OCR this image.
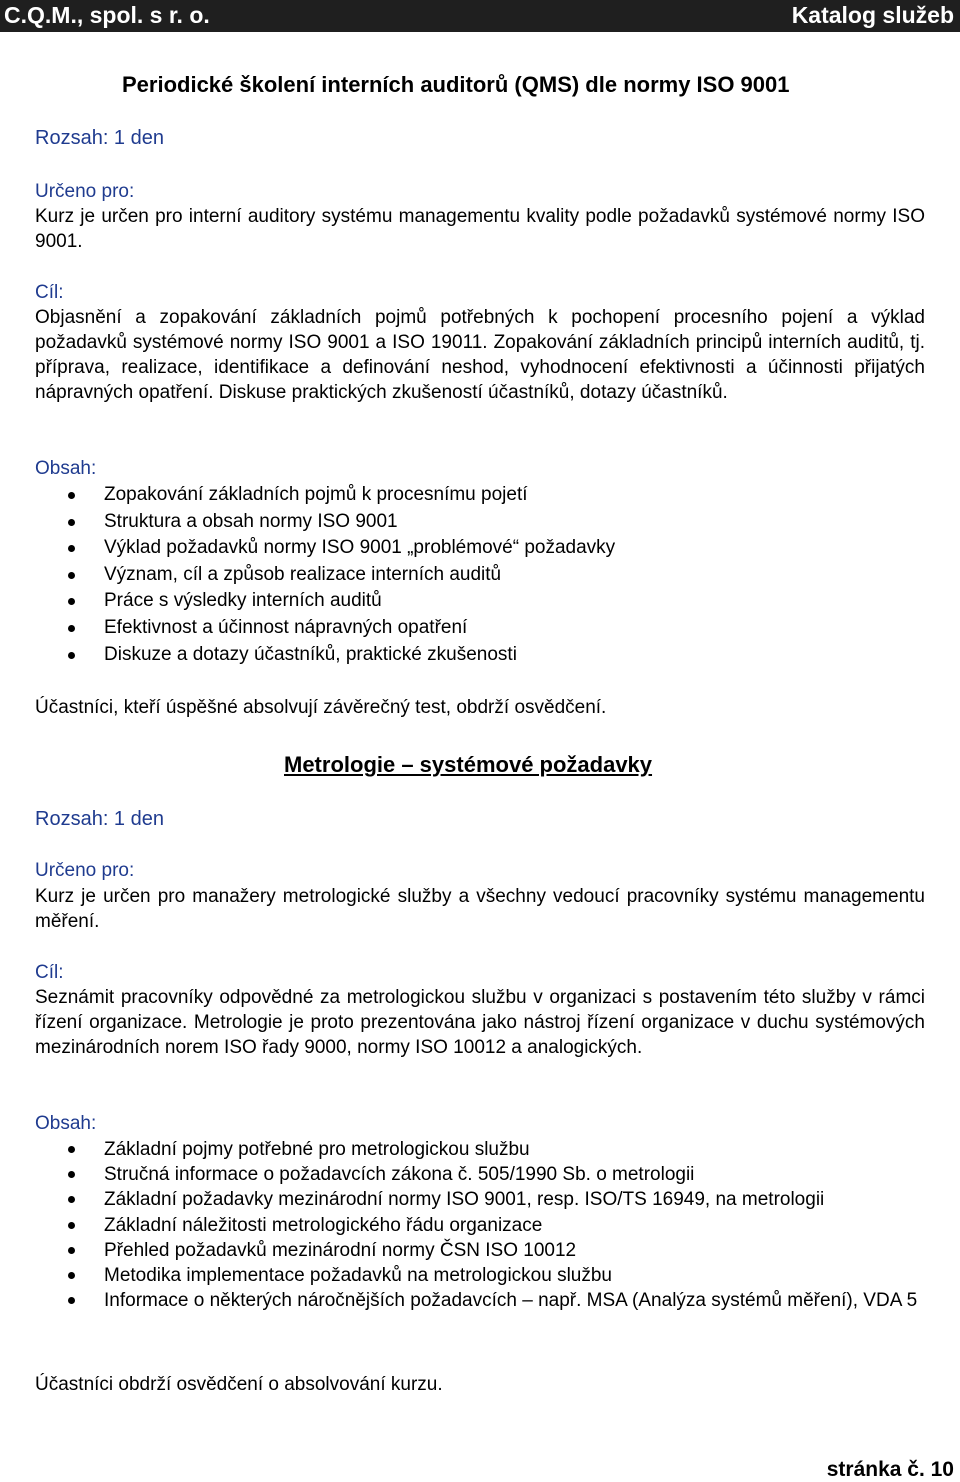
C.Q.M., spol. s r. o.	Katalog služeb
Periodické školení interních auditorů (QMS) dle normy ISO 9001
Rozsah: 1 den
Určeno pro:
Kurz je určen pro interní auditory systému managementu kvality podle požadavků systémové normy ISO 9001.
Cíl:
Objasnění a zopakování základních pojmů potřebných k pochopení procesního pojení a výklad požadavků systémové normy ISO 9001 a ISO 19011. Zopakování základních principů interních auditů, tj. příprava, realizace, identifikace a definování neshod, vyhodnocení efektivnosti a účinnosti přijatých nápravných opatření. Diskuse praktických zkušeností účastníků, dotazy účastníků.
Obsah:
Zopakování základních pojmů k procesnímu pojetí
Struktura a obsah normy ISO 9001
Výklad požadavků normy ISO 9001 „problémové“ požadavky
Význam, cíl a způsob realizace interních auditů
Práce s výsledky interních auditů
Efektivnost a účinnost nápravných opatření
Diskuze a dotazy účastníků, praktické zkušenosti
Účastníci, kteří úspěšné absolvují závěrečný test, obdrží osvědčení.
Metrologie – systémové požadavky
Rozsah: 1 den
Určeno pro:
Kurz je určen pro manažery metrologické služby a všechny vedoucí pracovníky systému managementu měření.
Cíl:
Seznámit pracovníky odpovědné za metrologickou službu v organizaci s postavením této služby v rámci řízení organizace. Metrologie je proto prezentována jako nástroj řízení organizace v duchu systémových mezinárodních norem ISO řady 9000, normy ISO 10012 a analogických.
Obsah:
Základní pojmy potřebné pro metrologickou službu
Stručná informace o požadavcích zákona č. 505/1990 Sb. o metrologii
Základní požadavky mezinárodní normy ISO 9001, resp. ISO/TS 16949, na metrologii
Základní náležitosti metrologického řádu organizace
Přehled požadavků mezinárodní normy ČSN ISO 10012
Metodika implementace požadavků na metrologickou službu
Informace o některých náročnějších požadavcích – např. MSA (Analýza systémů měření), VDA 5
Účastníci obdrží osvědčení o absolvování kurzu.
stránka č. 10
